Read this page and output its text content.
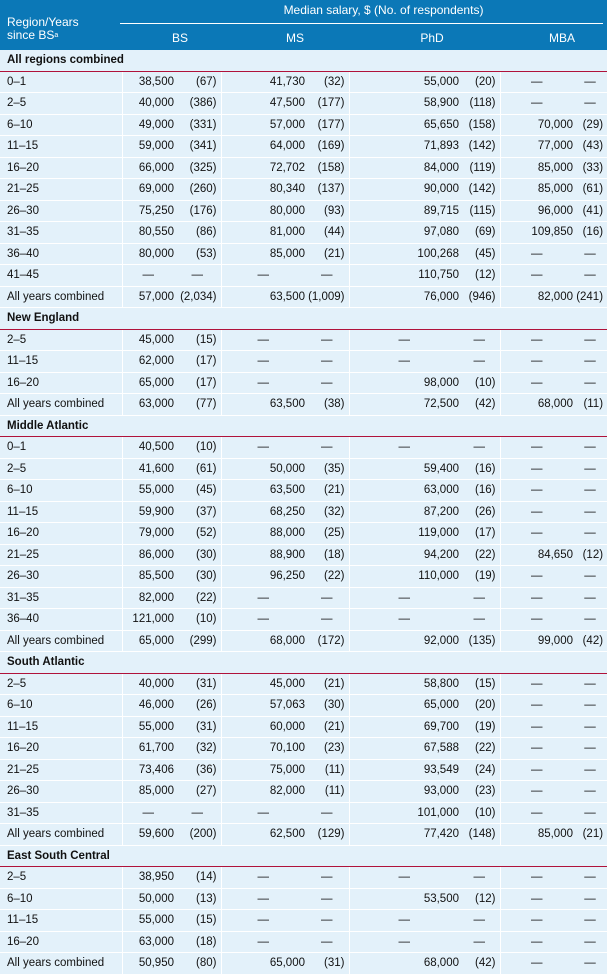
Median salary, $ (No. of respondents)
Region/Years
since $BS^a$	BS	MS	PhD	MBA
All regions combined								
0–1	38,500	(67)	41,730	(32)	55,000	(20)	—	—
2–5	40,000	(386)	47,500	(177)	58,900	(118)	—	—
6–10	49,000	(331)	57,000	(177)	65,650	(158)	70,000	(29)
11–15	59,000	(341)	64,000	(169)	71,893	(142)	77,000	(43)
16–20	66,000	(325)	72,702	(158)	84,000	(119)	85,000	(33)
21–25	69,000	(260)	80,340	(137)	90,000	(142)	85,000	(61)
26–30	75,250	(176)	80,000	(93)	89,715	(115)	96,000	(41)
31–35	80,550	(86)	81,000	(44)	97,080	(69)	109,850	(16)
36–40	80,000	(53)	85,000	(21)	100,268	(45)	—	—
41–45	—	—	—	—	110,750	(12)	—	—
All years combined	57,000	(2,034)	63,500	(1,009)	76,000	(946)	82,000	(241)
New England								
2–5	45,000	(15)	—	—	—	—	—	—
11–15	62,000	(17)	—	—	—	—	—	—
16–20	65,000	(17)	—	—	98,000	(10)	—	—
All years combined	63,000	(77)	63,500	(38)	72,500	(42)	68,000	(11)
Middle Atlantic								
0–1	40,500	(10)	—	—	—	—	—	—
2–5	41,600	(61)	50,000	(35)	59,400	(16)	—	—
6–10	55,000	(45)	63,500	(21)	63,000	(16)	—	—
11–15	59,900	(37)	68,250	(32)	87,200	(26)	—	—
16–20	79,000	(52)	88,000	(25)	119,000	(17)	—	—
21–25	86,000	(30)	88,900	(18)	94,200	(22)	84,650	(12)
26–30	85,500	(30)	96,250	(22)	110,000	(19)	—	—
31–35	82,000	(22)	—	—	—	—	—	—
36–40	121,000	(10)	—	—	—	—	—	—
All years combined	65,000	(299)	68,000	(172)	92,000	(135)	99,000	(42)
South Atlantic								
2–5	40,000	(31)	45,000	(21)	58,800	(15)	—	—
6–10	46,000	(26)	57,063	(30)	65,000	(20)	—	—
11–15	55,000	(31)	60,000	(21)	69,700	(19)	—	—
16–20	61,700	(32)	70,100	(23)	67,588	(22)	—	—
21–25	73,406	(36)	75,000	(11)	93,549	(24)	—	—
26–30	85,000	(27)	82,000	(11)	93,000	(23)	—	—
31–35	—	—	—	—	101,000	(10)	—	—
All years combined	59,600	(200)	62,500	(129)	77,420	(148)	85,000	(21)
East South Central								
2–5	38,950	(14)	—	—	—	—	—	—
6–10	50,000	(13)	—	—	53,500	(12)	—	—
11–15	55,000	(15)	—	—	—	—	—	—
16–20	63,000	(18)	—	—	—	—	—	—
All years combined	50,950	(80)	65,000	(31)	68,000	(42)	—	—
